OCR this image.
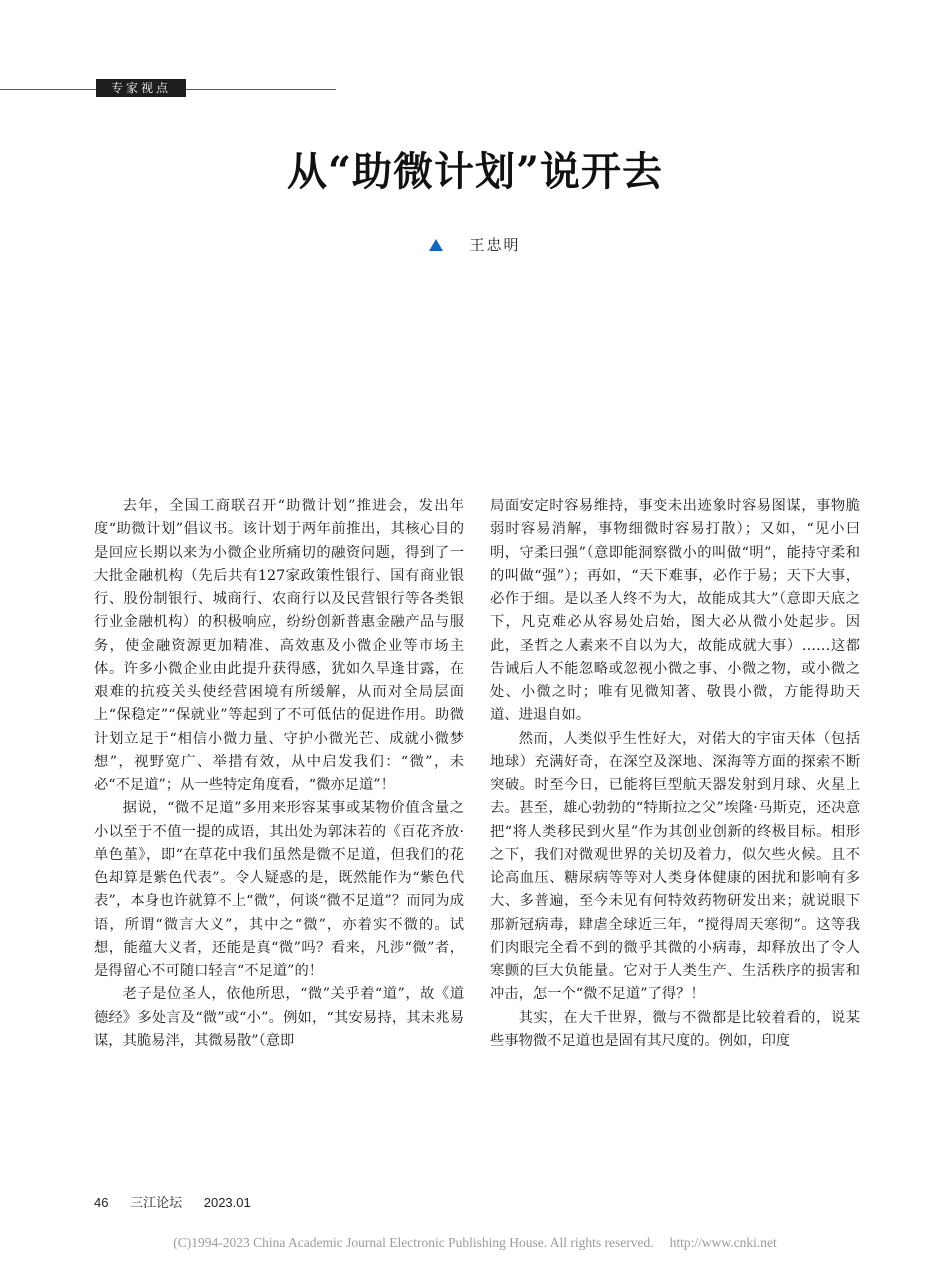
专家视点
从“助微计划”说开去
王忠明

去年，全国工商联召开“助微计划”推进会，发出年度“助微计划”倡议书。该计划于两年前推出，其核心目的是回应长期以来为小微企业所痛切的融资问题，得到了一大批金融机构（先后共有127家政策性银行、国有商业银行、股份制银行、城商行、农商行以及民营银行等各类银行业金融机构）的积极响应，纷纷创新普惠金融产品与服务，使金融资源更加精准、高效惠及小微企业等市场主体。许多小微企业由此提升获得感，犹如久旱逢甘露，在艰难的抗疫关头使经营困境有所缓解，从而对全局层面上“保稳定”“保就业”等起到了不可低估的促进作用。助微计划立足于“相信小微力量、守护小微光芒、成就小微梦想”，视野宽广、举措有效，从中启发我们：“微”，未必“不足道”；从一些特定角度看，“微亦足道”！

据说，“微不足道”多用来形容某事或某物价值含量之小以至于不值一提的成语，其出处为郭沫若的《百花齐放·单色堇》，即“在草花中我们虽然是微不足道，但我们的花色却算是紫色代表”。令人疑惑的是，既然能作为“紫色代表”，本身也许就算不上“微”，何谈“微不足道”？而同为成语，所谓“微言大义”，其中之“微”，亦着实不微的。试想，能蕴大义者，还能是真“微”吗？看来，凡涉“微”者，是得留心不可随口轻言“不足道”的！

老子是位圣人，依他所思，“微”关乎着“道”，故《道德经》多处言及“微”或“小”。例如，“其安易持，其未兆易谋，其脆易泮，其微易散”（意即

局面安定时容易维持，事变未出迹象时容易图谋，事物脆弱时容易消解，事物细微时容易打散）；又如，“见小曰明，守柔曰强”（意即能洞察微小的叫做“明”，能持守柔和的叫做“强”）；再如，“天下难事，必作于易；天下大事，必作于细。是以圣人终不为大，故能成其大”（意即天底之下，凡克难必从容易处启始，图大必从微小处起步。因此，圣哲之人素来不自以为大，故能成就大事）……这都告诫后人不能忽略或忽视小微之事、小微之物，或小微之处、小微之时；唯有见微知著、敬畏小微，方能得助天道、进退自如。

然而，人类似乎生性好大，对偌大的宇宙天体（包括地球）充满好奇，在深空及深地、深海等方面的探索不断突破。时至今日，已能将巨型航天器发射到月球、火星上去。甚至，雄心勃勃的“特斯拉之父”埃隆·马斯克，还决意把“将人类移民到火星”作为其创业创新的终极目标。相形之下，我们对微观世界的关切及着力，似欠些火候。且不论高血压、糖尿病等等对人类身体健康的困扰和影响有多大、多普遍，至今未见有何特效药物研发出来；就说眼下那新冠病毒，肆虐全球近三年，“搅得周天寒彻”。这等我们肉眼完全看不到的微乎其微的小病毒，却释放出了令人寒颤的巨大负能量。它对于人类生产、生活秩序的损害和冲击，怎一个“微不足道”了得？！

其实，在大千世界，微与不微都是比较着看的，说某些事物微不足道也是固有其尺度的。例如，印度

46 三江论坛 2023.01
(C)1994-2023 China Academic Journal Electronic Publishing House. All rights reserved. http://www.cnki.net
